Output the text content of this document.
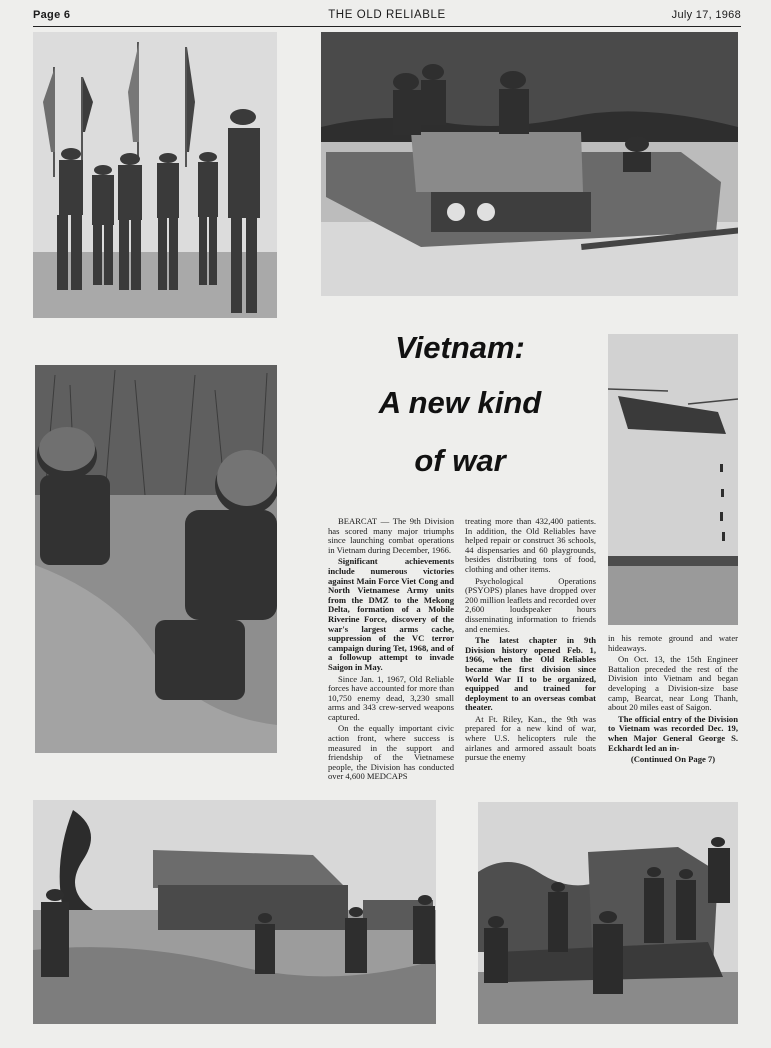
Page 6	THE OLD RELIABLE	July 17, 1968
Vietnam:
A new kind
of war

BEARCAT — The 9th Division has scored many major triumphs since launching combat operations in Vietnam during December, 1966.

Significant achievements include numerous victories against Main Force Viet Cong and North Vietnamese Army units from the DMZ to the Mekong Delta, formation of a Mobile Riverine Force, discovery of the war's largest arms cache, suppression of the VC terror campaign during Tet, 1968, and of a followup attempt to invade Saigon in May.

Since Jan. 1, 1967, Old Reliable forces have accounted for more than 10,750 enemy dead, 3,230 small arms and 343 crew-served weapons captured.

On the equally important civic action front, where success is measured in the support and friendship of the Vietnamese people, the Division has conducted over 4,600 MEDCAPS

treating more than 432,400 patients. In addition, the Old Reliables have helped repair or construct 36 schools, 44 dispensaries and 60 playgrounds, besides distributing tons of food, clothing and other items.

Psychological Operations (PSYOPS) planes have dropped over 200 million leaflets and recorded over 2,600 loudspeaker hours disseminating information to friends and enemies.

The latest chapter in 9th Division history opened Feb. 1, 1966, when the Old Reliables became the first division since World War II to be organized, equipped and trained for deployment to an overseas combat theater.

At Ft. Riley, Kan., the 9th was prepared for a new kind of war, where U.S. helicopters rule the airlanes and armored assault boats pursue the enemy

in his remote ground and water hideaways.

On Oct. 13, the 15th Engineer Battalion preceded the rest of the Division into Vietnam and began developing a Division-size base camp, Bearcat, near Long Thanh, about 20 miles east of Saigon.

The official entry of the Division to Vietnam was recorded Dec. 19, when Major General George S. Eckhardt led an in-

(Continued On Page 7)
